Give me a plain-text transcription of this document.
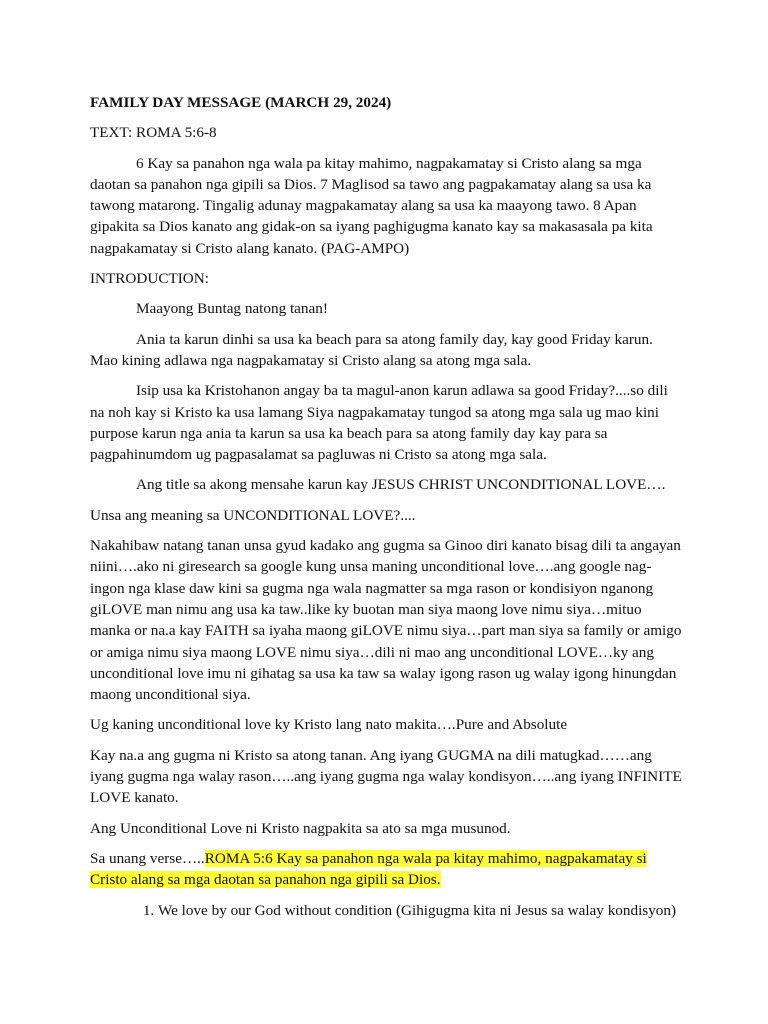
FAMILY DAY MESSAGE (MARCH 29, 2024)

TEXT: ROMA 5:6-8

6 Kay sa panahon nga wala pa kitay mahimo, nagpakamatay si Cristo alang sa mga daotan sa panahon nga gipili sa Dios. 7 Maglisod sa tawo ang pagpakamatay alang sa usa ka tawong matarong. Tingalig adunay magpakamatay alang sa usa ka maayong tawo. 8 Apan gipakita sa Dios kanato ang gidak-on sa iyang paghigugma kanato kay sa makasasala pa kita nagpakamatay si Cristo alang kanato. (PAG-AMPO)

INTRODUCTION:

Maayong Buntag natong tanan!

Ania ta karun dinhi sa usa ka beach para sa atong family day, kay good Friday karun. Mao kining adlawa nga nagpakamatay si Cristo alang sa atong mga sala.

Isip usa ka Kristohanon angay ba ta magul-anon karun adlawa sa good Friday?....so dili na noh kay si Kristo ka usa lamang Siya nagpakamatay tungod sa atong mga sala ug mao kini purpose karun nga ania ta karun sa usa ka beach para sa atong family day kay para sa pagpahinumdom ug pagpasalamat sa pagluwas ni Cristo sa atong mga sala.

Ang title sa akong mensahe karun kay JESUS CHRIST UNCONDITIONAL LOVE….

Unsa ang meaning sa UNCONDITIONAL LOVE?....

Nakahibaw natang tanan unsa gyud kadako ang gugma sa Ginoo diri kanato bisag dili ta angayan niini….ako ni giresearch sa google kung unsa maning unconditional love….ang google nag-ingon nga klase daw kini sa gugma nga wala nagmatter sa mga rason or kondisiyon nganong giLOVE man nimu ang usa ka taw..like ky buotan man siya maong love nimu siya…mituo manka or na.a kay FAITH sa iyaha maong giLOVE nimu siya…part man siya sa family or amigo or amiga nimu siya maong LOVE nimu siya…dili ni mao ang unconditional LOVE…ky ang unconditional love imu ni gihatag sa usa ka taw sa walay igong rason ug walay igong hinungdan maong unconditional siya.

Ug kaning unconditional love ky Kristo lang nato makita….Pure and Absolute

Kay na.a ang gugma ni Kristo sa atong tanan. Ang iyang GUGMA na dili matugkad……ang iyang gugma nga walay rason…..ang iyang gugma nga walay kondisyon…..ang iyang INFINITE LOVE kanato.

Ang Unconditional Love ni Kristo nagpakita sa ato sa mga musunod.

Sa unang verse…..ROMA 5:6 Kay sa panahon nga wala pa kitay mahimo, nagpakamatay si Cristo alang sa mga daotan sa panahon nga gipili sa Dios.

1. We love by our God without condition (Gihigugma kita ni Jesus sa walay kondisyon)
